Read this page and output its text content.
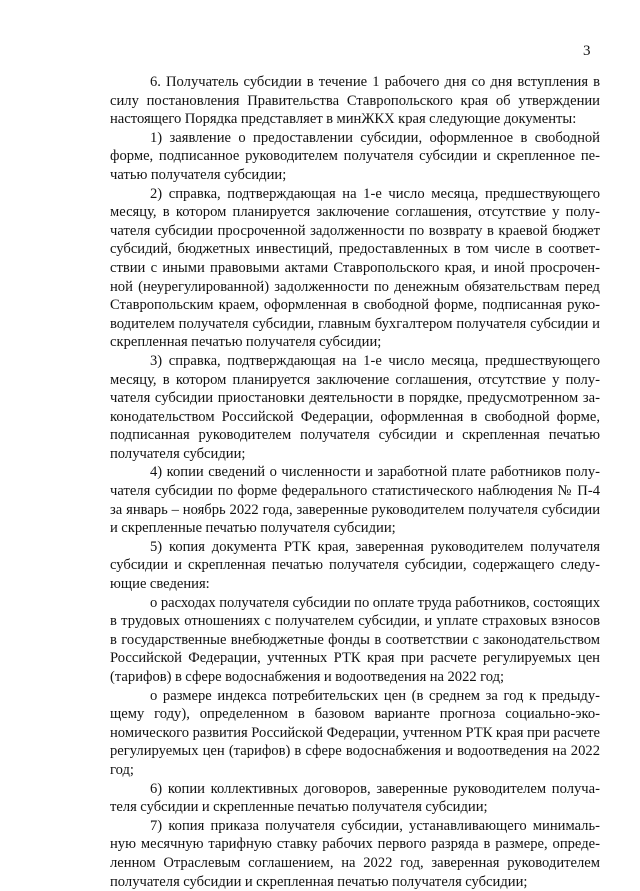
3

6. Получатель субсидии в течение 1 рабочего дня со дня вступления в силу постановления Правительства Ставропольского края об утверждении настоящего Порядка представляет в минЖКХ края следующие документы:

1) заявление о предоставлении субсидии, оформленное в свободной форме, подписанное руководителем получателя субсидии и скрепленное печатью получателя субсидии;

2) справка, подтверждающая на 1-е число месяца, предшествующего месяцу, в котором планируется заключение соглашения, отсутствие у получателя субсидии просроченной задолженности по возврату в краевой бюджет субсидий, бюджетных инвестиций, предоставленных в том числе в соответствии с иными правовыми актами Ставропольского края, и иной просроченной (неурегулированной) задолженности по денежным обязательствам перед Ставропольским краем, оформленная в свободной форме, подписанная руководителем получателя субсидии, главным бухгалтером получателя субсидии и скрепленная печатью получателя субсидии;

3) справка, подтверждающая на 1-е число месяца, предшествующего месяцу, в котором планируется заключение соглашения, отсутствие у получателя субсидии приостановки деятельности в порядке, предусмотренном законодательством Российской Федерации, оформленная в свободной форме, подписанная руководителем получателя субсидии и скрепленная печатью получателя субсидии;

4) копии сведений о численности и заработной плате работников получателя субсидии по форме федерального статистического наблюдения № П-4 за январь – ноябрь 2022 года, заверенные руководителем получателя субсидии и скрепленные печатью получателя субсидии;

5) копия документа РТК края, заверенная руководителем получателя субсидии и скрепленная печатью получателя субсидии, содержащего следующие сведения:

о расходах получателя субсидии по оплате труда работников, состоящих в трудовых отношениях с получателем субсидии, и уплате страховых взносов в государственные внебюджетные фонды в соответствии с законодательством Российской Федерации, учтенных РТК края при расчете регулируемых цен (тарифов) в сфере водоснабжения и водоотведения на 2022 год;

о размере индекса потребительских цен (в среднем за год к предыдущему году), определенном в базовом варианте прогноза социально-экономического развития Российской Федерации, учтенном РТК края при расчете регулируемых цен (тарифов) в сфере водоснабжения и водоотведения на 2022 год;

6) копии коллективных договоров, заверенные руководителем получателя субсидии и скрепленные печатью получателя субсидии;

7) копия приказа получателя субсидии, устанавливающего минимальную месячную тарифную ставку рабочих первого разряда в размере, определенном Отраслевым соглашением, на 2022 год, заверенная руководителем получателя субсидии и скрепленная печатью получателя субсидии;
